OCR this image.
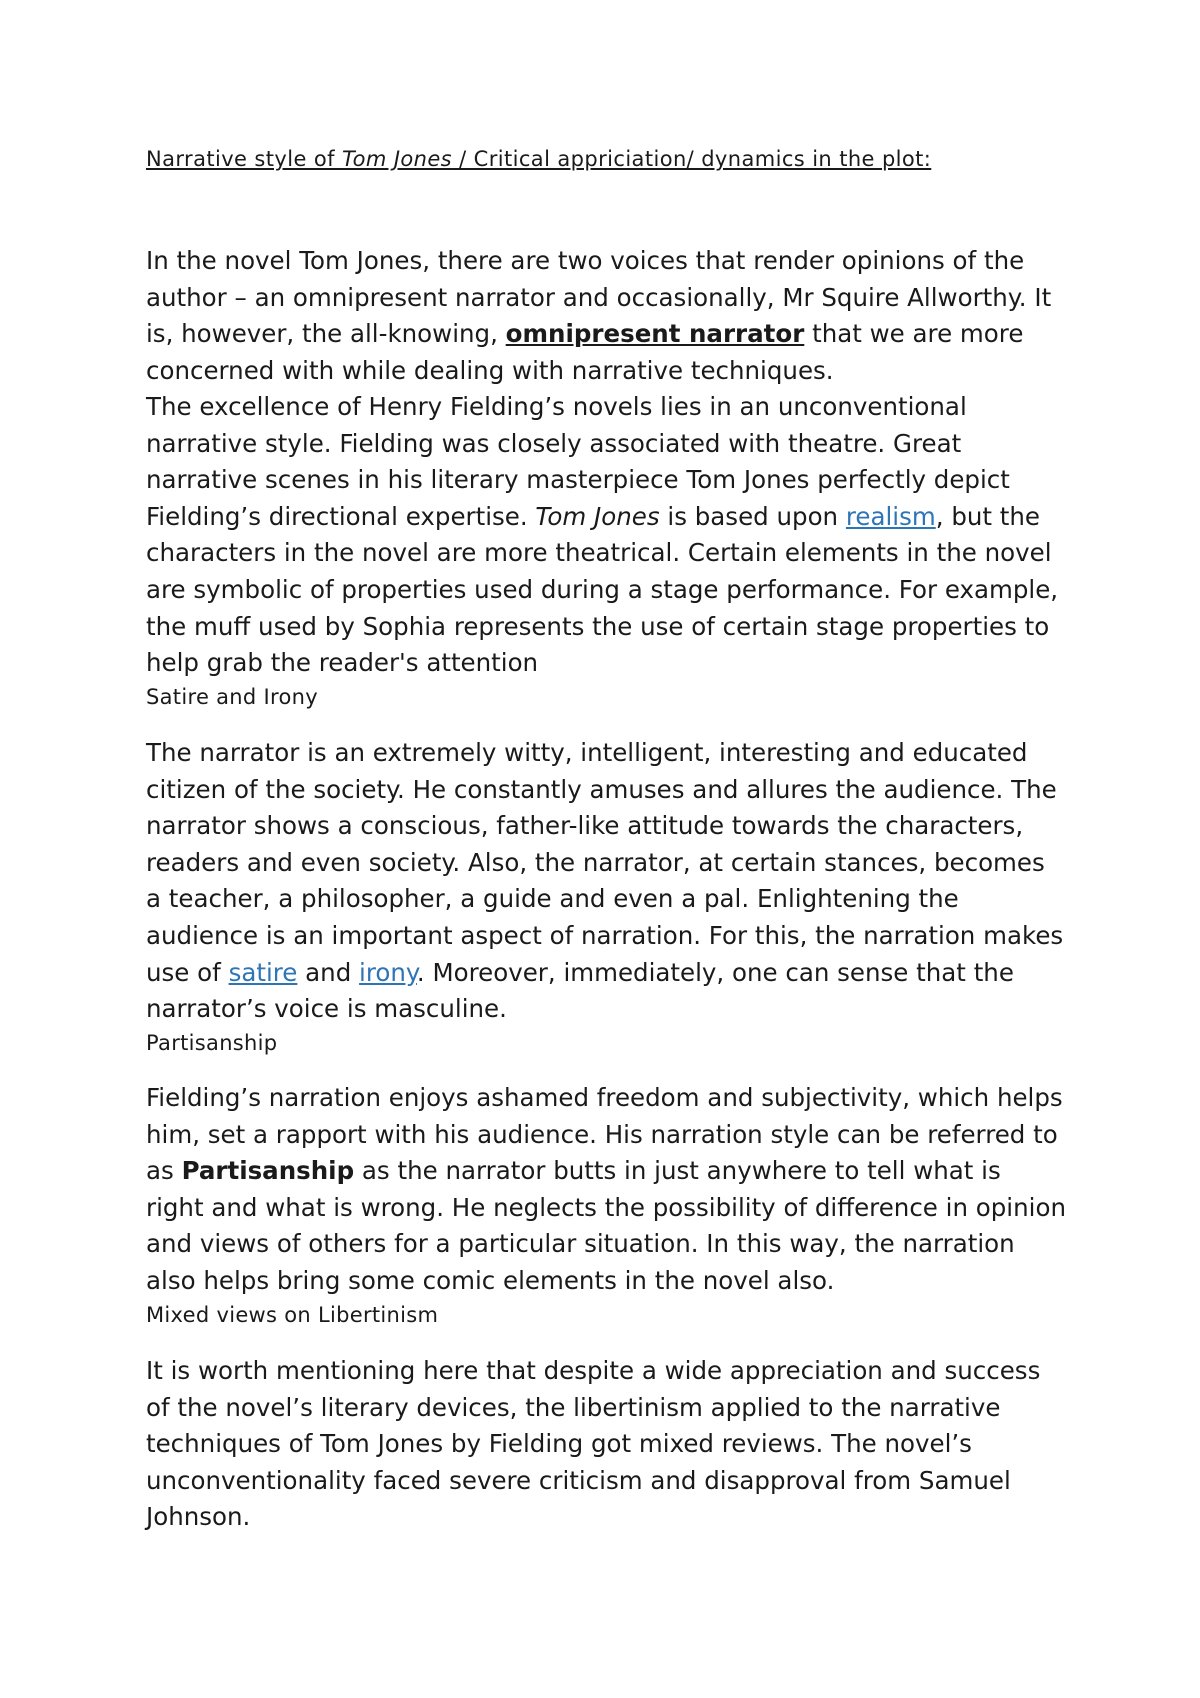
Narrative style of Tom Jones / Critical appriciation/ dynamics in the plot:

In the novel Tom Jones, there are two voices that render opinions of the author – an omnipresent narrator and occasionally, Mr Squire Allworthy. It is, however, the all-knowing, omnipresent narrator that we are more concerned with while dealing with narrative techniques.

The excellence of Henry Fielding’s novels lies in an unconventional narrative style. Fielding was closely associated with theatre. Great narrative scenes in his literary masterpiece Tom Jones perfectly depict Fielding’s directional expertise. Tom Jones is based upon realism, but the characters in the novel are more theatrical. Certain elements in the novel are symbolic of properties used during a stage performance. For example, the muff used by Sophia represents the use of certain stage properties to help grab the reader's attention

Satire and Irony

The narrator is an extremely witty, intelligent, interesting and educated citizen of the society. He constantly amuses and allures the audience. The narrator shows a conscious, father-like attitude towards the characters, readers and even society. Also, the narrator, at certain stances, becomes a teacher, a philosopher, a guide and even a pal. Enlightening the audience is an important aspect of narration. For this, the narration makes use of satire and irony. Moreover, immediately, one can sense that the narrator’s voice is masculine.

Partisanship

Fielding’s narration enjoys ashamed freedom and subjectivity, which helps him, set a rapport with his audience. His narration style can be referred to as Partisanship as the narrator butts in just anywhere to tell what is right and what is wrong. He neglects the possibility of difference in opinion and views of others for a particular situation. In this way, the narration also helps bring some comic elements in the novel also.

Mixed views on Libertinism

It is worth mentioning here that despite a wide appreciation and success of the novel’s literary devices, the libertinism applied to the narrative techniques of Tom Jones by Fielding got mixed reviews. The novel’s unconventionality faced severe criticism and disapproval from Samuel Johnson.
